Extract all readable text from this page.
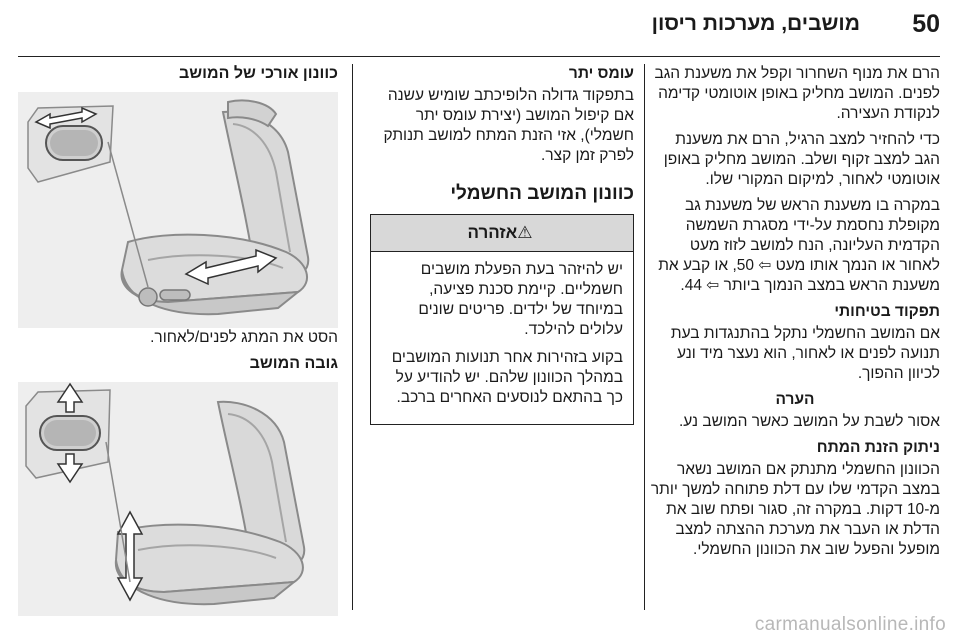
50
מושבים, מערכות ריסון

הרם את מנוף השחרור וקפל את משענת הגב לפנים. המושב מחליק באופן אוטומטי קדימה לנקודת העצירה.

כדי להחזיר למצב הרגיל, הרם את משענת הגב למצב זקוף ושלב. המושב מחליק באופן אוטומטי לאחור, למיקום המקורי שלו.

במקרה בו משענת הראש של משענת גב מקופלת נחסמת על-ידי מסגרת השמשה הקדמית העליונה, הנח למושב לזוז מעט לאחור או הנמך אותו מעט ⇦ 50, או קבע את משענת הראש במצב הנמוך ביותר ⇦ 44.

תפקוד בטיחותי

אם המושב החשמלי נתקל בהתנגדות בעת תנועה לפנים או לאחור, הוא נעצר מיד ונע לכיוון ההפוך.

הערה

אסור לשבת על המושב כאשר המושב נע.

ניתוק הזנת המתח

הכוונון החשמלי מתנתק אם המושב נשאר במצב הקדמי שלו עם דלת פתוחה למשך יותר מ-10 דקות. במקרה זה, סגור ופתח שוב את הדלת או העבר את מערכת ההצתה למצב מופעל והפעל שוב את הכוונון החשמלי.

עומס יתר

בתפקוד גדולה הלופיכתב שומיש עשנה אם קיפול המושב (יצירת עומס יתר חשמלי), אזי הזנת המתח למושב תנותק לפרק זמן קצר.

כוונון המושב החשמלי
⚠אזהרה

יש להיזהר בעת הפעלת מושבים חשמליים. קיימת סכנת פציעה, במיוחד של ילדים. פריטים שונים עלולים להילכד.

בקוע בזהירות אחר תנועות המושבים במהלך הכוונון שלהם. יש להודיע על כך בהתאם לנוסעים האחרים ברכב.

כוונון אורכי של המושב

הסט את המתג לפנים/לאחור.

גובה המושב
carmanualsonline.info
